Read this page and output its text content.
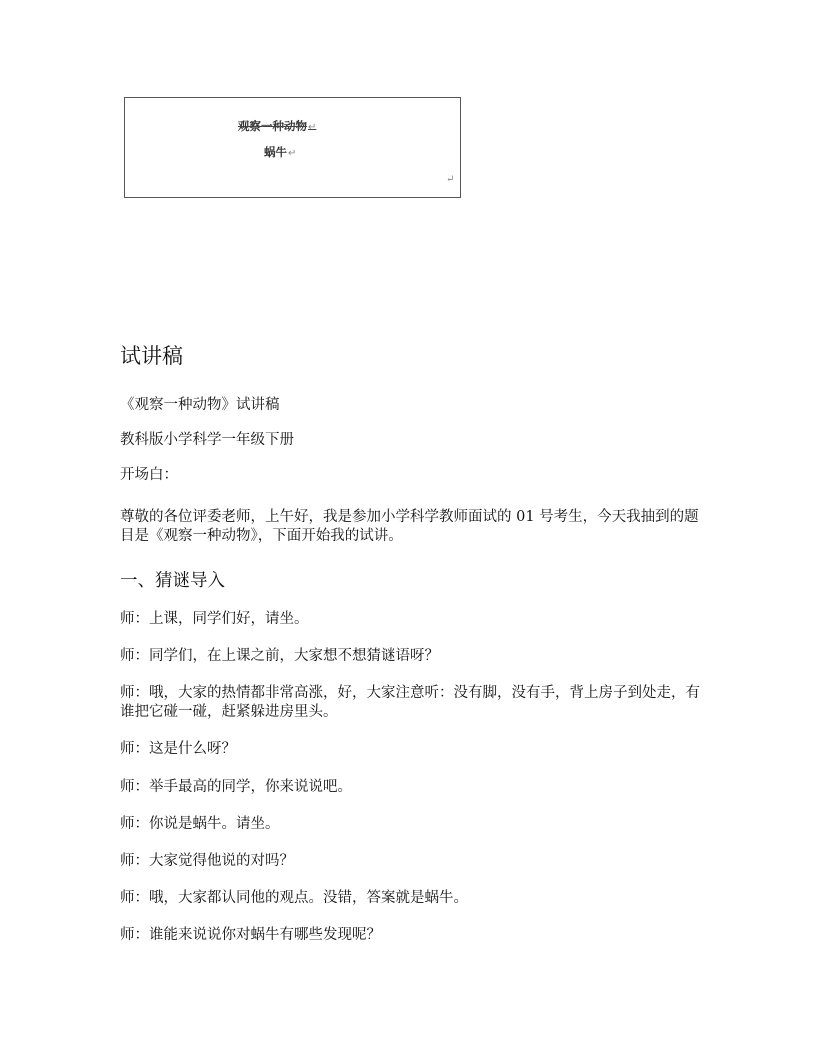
观察一种动物↵
蜗牛↵
↵
试讲稿

《观察一种动物》试讲稿

教科版小学科学一年级下册

开场白：

尊敬的各位评委老师，上午好，我是参加小学科学教师面试的 01 号考生，今天我抽到的题目是《观察一种动物》，下面开始我的试讲。

一、猜谜导入

师：上课，同学们好，请坐。

师：同学们，在上课之前，大家想不想猜谜语呀？

师：哦，大家的热情都非常高涨，好，大家注意听：没有脚，没有手，背上房子到处走，有谁把它碰一碰，赶紧躲进房里头。

师：这是什么呀？

师：举手最高的同学，你来说说吧。

师：你说是蜗牛。请坐。

师：大家觉得他说的对吗？

师：哦，大家都认同他的观点。没错，答案就是蜗牛。

师：谁能来说说你对蜗牛有哪些发现呢？
